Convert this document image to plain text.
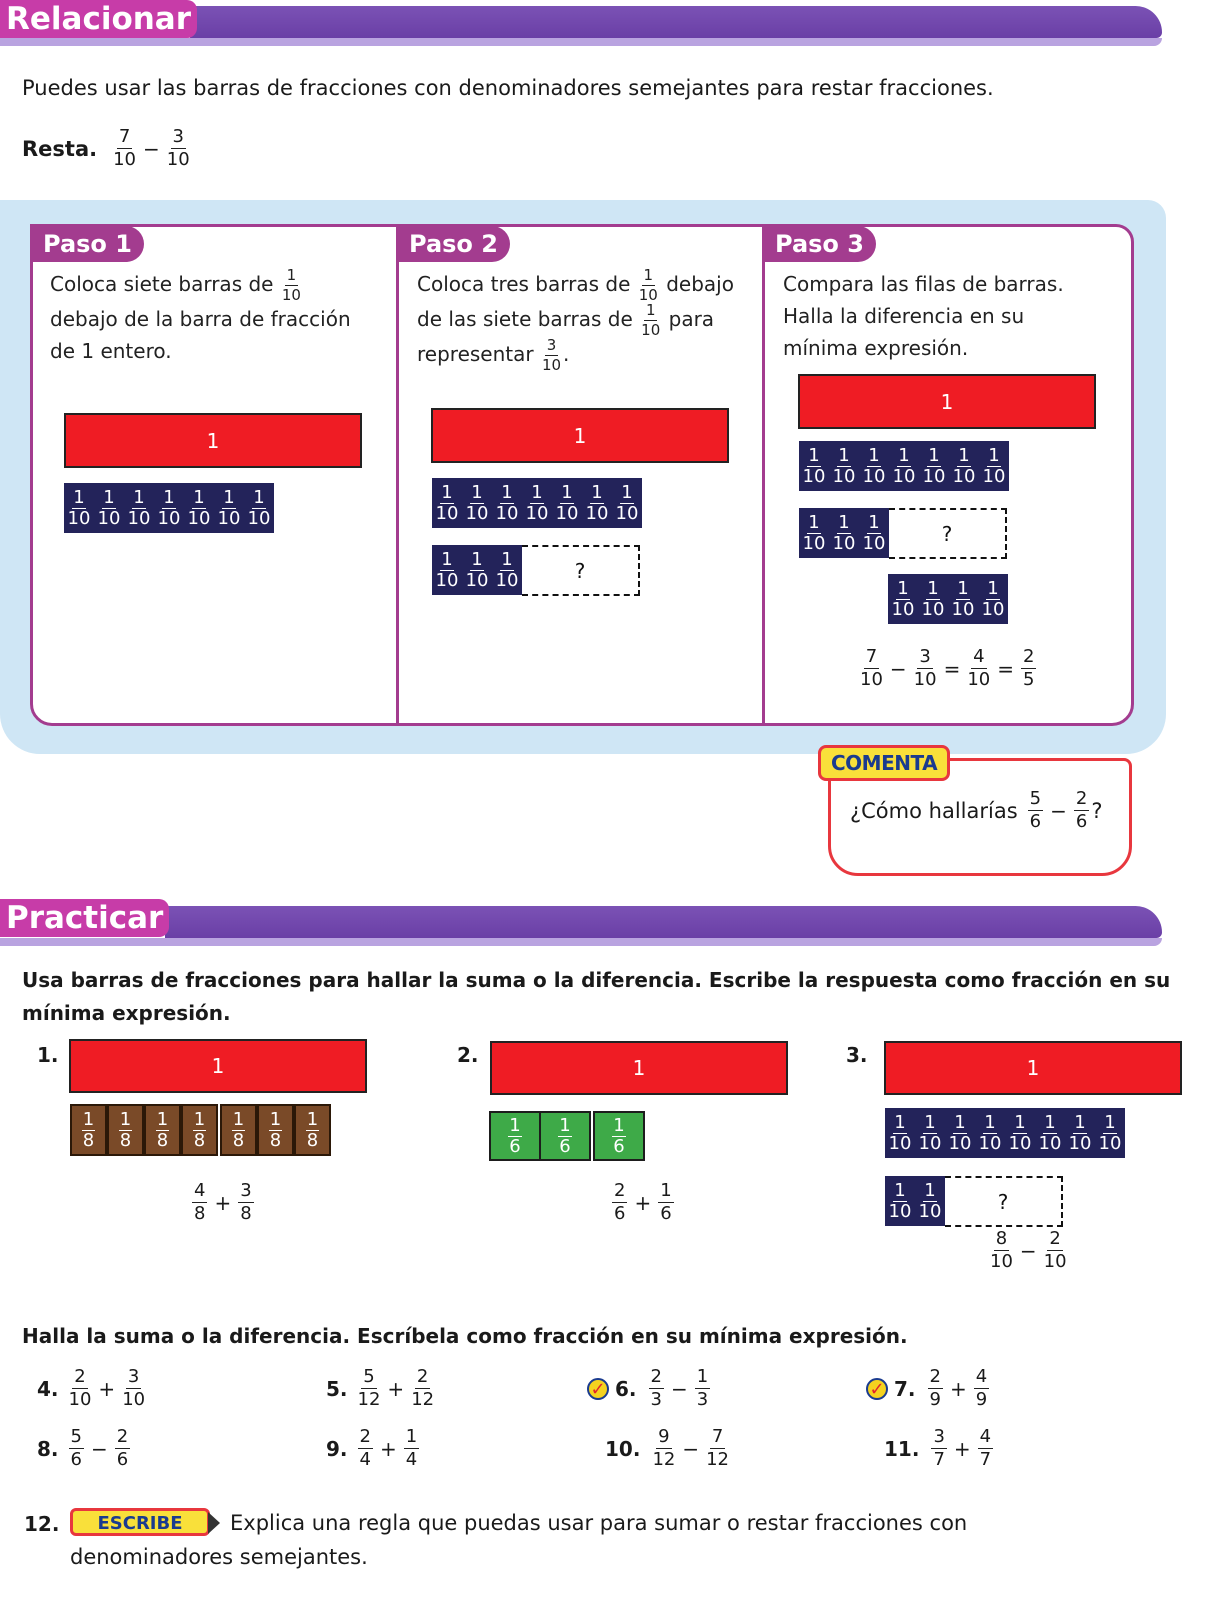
Relacionar
Puedes usar las barras de fracciones con denominadores semejantes para restar fracciones.
Resta. $\frac{7}{10} - \frac{3}{10}$
Paso 1
Coloca siete barras de $\frac{1}{10}$
debajo de la barra de fracción
de 1 entero.
1
1
10
1
10
1
10
1
10
1
10
1
10
1
10
Paso 2
Coloca tres barras de $\frac{1}{10}$ debajo
de las siete barras de $\frac{1}{10}$ para
representar $\frac{3}{10}$ .
1
1
10
1
10
1
10
1
10
1
10
1
10
1
10
1
10
1
10
1
10	?
Paso 3
Compara las filas de barras.
Halla la diferencia en su
mínima expresión.
1
1
10
1
10
1
10
1
10
1
10
1
10
1
10
1
10
1
10
1
10	?
1
10
1
10
1
10
1
10
$\frac{7}{10} - \frac{3}{10} = \frac{4}{10} = \frac{2}{5}$
COMENTA
¿Cómo hallarías $\frac{5}{6} - \frac{2}{6}$ ?
Practicar
Usa barras de fracciones para hallar la suma o la diferencia. Escribe la respuesta como fracción en su
mínima expresión.
1.	1
1
8
1
8
1
8
1
8
1
8
1
8
1
8
$\frac{4}{8} + \frac{3}{8}$
2.
1
1
6
1
6
1
6
$\frac{2}{6} + \frac{1}{6}$
3.
1
1
10
1
10
1
10
1
10
1
10
1
10
1
10
1
10
1
10
1
10	?
$\frac{8}{10} - \frac{2}{10}$
Halla la suma o la diferencia. Escríbela como fracción en su mínima expresión.
4. $\frac{2}{10} + \frac{3}{10}$	5. $\frac{5}{12} + \frac{2}{12}$	✓ 6. $\frac{2}{3} - \frac{1}{3}$	✓ 7. $\frac{2}{9} + \frac{4}{9}$
8. $\frac{5}{6} - \frac{2}{6}$	9. $\frac{2}{4} + \frac{1}{4}$	10. $\frac{9}{12} - \frac{7}{12}$	11. $\frac{3}{7} + \frac{4}{7}$
12.	ESCRIBE	Explica una regla que puedas usar para sumar o restar fracciones con
denominadores semejantes.
